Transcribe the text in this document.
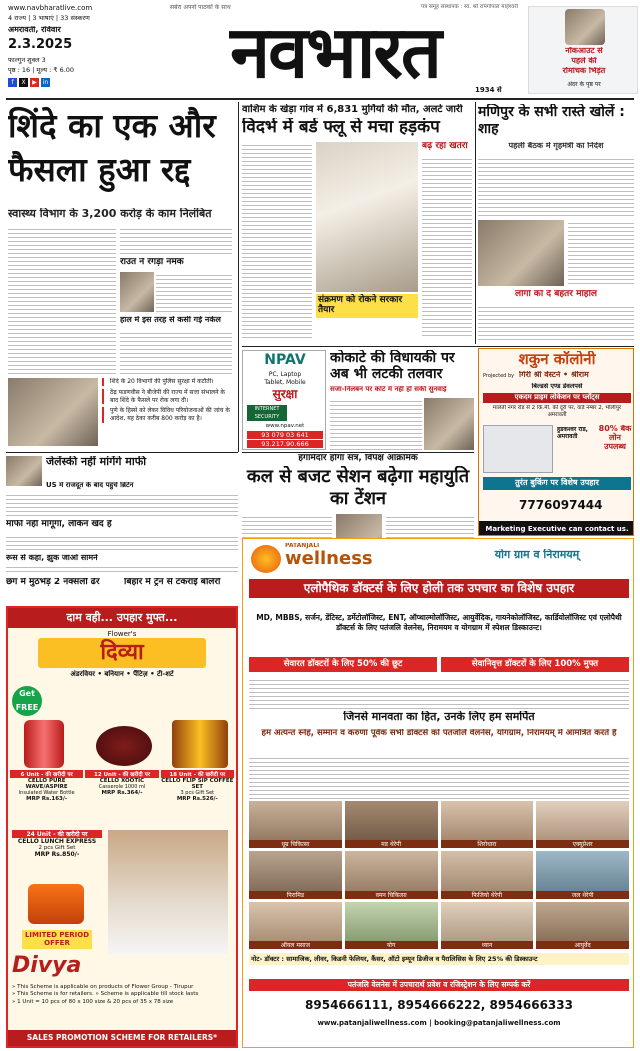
www.navbharatlive.com
4 राज्य | 3 भाषाएं | 33 संस्करण
अमरावती, रविवार
2.3.2025
फाल्गुन शुक्ल 3
पृष्ठ : 16 | मूल्य : ₹ 6.00
f	X	▶ in
सबेरा अपनो पाठकों के साथ	पत्र समूह संस्थापक : स्व. श्री रामगोपाल माहेश्वरी
नवभारत	1934 से
नॉकआउट से
पहले की
रोमांचक भिड़ंत
अंदर के पृष्ठ पर
शिंदे का एक और फैसला हुआ रद्द
स्वास्थ्य विभाग के 3,200 करोड़ के काम निलंबित
राउत ने रगड़ा नमक
हाल में इस तरह से कसी गई नकेल
शिंदे के 20 विभागों की पुलिस सुरक्षा में कटौती।
ठेंद्र फडणवीस ने बीजेपी की राज्य में सत्ता संभालने के बाद शिंदे के फैसले पर रोक लगा दी।
पुणे के हिस्से को लेकर विविध परियोजनाओं की जांच के आदेश, यह ठेका करीब 800 करोड़ का है।
वाशिम के खेड़ा गांव में 6,831 मुर्गियों की मौत, अलर्ट जारी
विदर्भ में बर्ड फ्लू से मचा हड़कंप
संक्रमण को रोकने सरकार तैयार
बढ़ रहा खतरा
मणिपुर के सभी रास्ते खोलें : शाह
पहली बैठक में गृहमंत्री का निर्देश
लोगों को दें बेहतर माहौल
NPAV
PC, Laptop
Tablet, Mobile
सुरक्षा
INTERNET SECURITY
www.npav.net
93 079 03 641
93.217.90.666
कोकाटे की विधायकी पर अब भी लटकी तलवार
सजा-निलंबन पर कोर्ट में नहीं हो सकी सुनवाई
शकुन कॉलोनी
Projected by गिरी श्री वेस्टर्न • श्रीराम
बिल्डर्स एण्ड डेवलपर्स
एकदम प्राइम लोकेशन पर प्लॉट्स
मालती नगर रोड से 2 कि.मी. की दूरी पर, वार्ड नम्बर 2, भीलीपुर अमरावती
हुडकेश्वर रोड, अमरावती
80% बैंक लोन उपलब्ध
तुरंत बुकिंग पर विशेष उपहार
7776097444
Marketing Executive can contact us.
जेलेंस्की नहीं मांगेंगे माफी
US में राजदूत के बाद पहुंचे ब्रिटेन
माफी नहीं मांगूंगा, लेकिन खेद है
रूस से कहा, झुक जाओ सामने
हंगामेदार होगा सत्र, विपक्ष आक्रामक
कल से बजट सेशन बढ़ेगा महायुति का टेंशन
PATANJALI
wellness	योग ग्राम व निरामयम्
एलोपैथिक डॉक्टर्स के लिए होली तक उपचार का विशेष उपहार
MD, MBBS, सर्जन, डेंटिस्ट, डर्मेटोलॉजिस्ट, ENT, ऑप्थाल्मोलॉजिस्ट, आयुर्वेदिक, गायनेकोलॉजिस्ट, कार्डियोलॉजिस्ट एवं एलोपैथी डॉक्टर्स के लिए पतंजलि वेलनेस, निरामयम व योगग्राम में स्पेशल डिस्काउन्ट।
सेवारत डॉक्टरों के लिए 50% की छूट	सेवानिवृत्त डॉक्टरों के लिए 100% मुफ्त
जिनसे मानवता का हित, उनके लिए हम समर्पित
हम अत्यन्त स्नेह, सम्मान व करुणा पूर्वक सभी डॉक्टर्स को पतंजलि वेलनेस, योगग्राम, निरामयम् में आमंत्रित करते हैं
धूम्र चिकित्सा	मड थेरेपी	शिरोधारा	एक्यूप्रेशर
पिरामिड	वमन चिकित्सा	फिजियो थेरेपी	जल थेरेपी
ऑयल मसाज	योग	ध्यान	आयुर्वेद
नोट- डॉक्टर : सामाजिक, लीवर, किडनी फेलियर, कैंसर, ऑटो इम्यून डिजीज व पैरालिसिस के लिए 25% की डिस्काउन्ट
पतंजलि वेलनेस में उपचारार्थ प्रवेश व रजिस्ट्रेशन के लिए सम्पर्क करें
8954666111, 8954666222, 8954666333
www.patanjaliwellness.com | booking@patanjaliwellness.com
दाम वही... उपहार मुफ्त...
Flower's
दिव्या
अंडरवियर • बनियान • पैंटिज़ • टी-शर्ट
Get FREE
6 Unit - की खरीदी पर
CELLO PURE WAVE/ASPIRE
Insulated Water Bottle
MRP Rs.163/-
12 Unit - की खरीदी पर
CELLO XOOTIC
Casserole 1000 ml
MRP Rs.364/-
18 Unit - की खरीदी पर
CELLO FLIP SIP COFFEE SET
3 pcs Gift Set
MRP Rs.526/-
24 Unit - की खरीदी पर
CELLO LUNCH EXPRESS
2 pcs Gift Set
MRP Rs.850/-
LIMITED PERIOD OFFER
Divya
» This Scheme is applicable on products of Flower Group - Tirupur
» This Scheme is for retailers. » Scheme is applicable till stock lasts
» 1 Unit = 10 pcs of 80 x 100 size & 20 pcs of 35 x 78 size
SALES PROMOTION SCHEME FOR RETAILERS*
छग में मुठभेड़ 2 नक्सली ढेर	बिहार में ट्रेन से टकराई बोलेरो
